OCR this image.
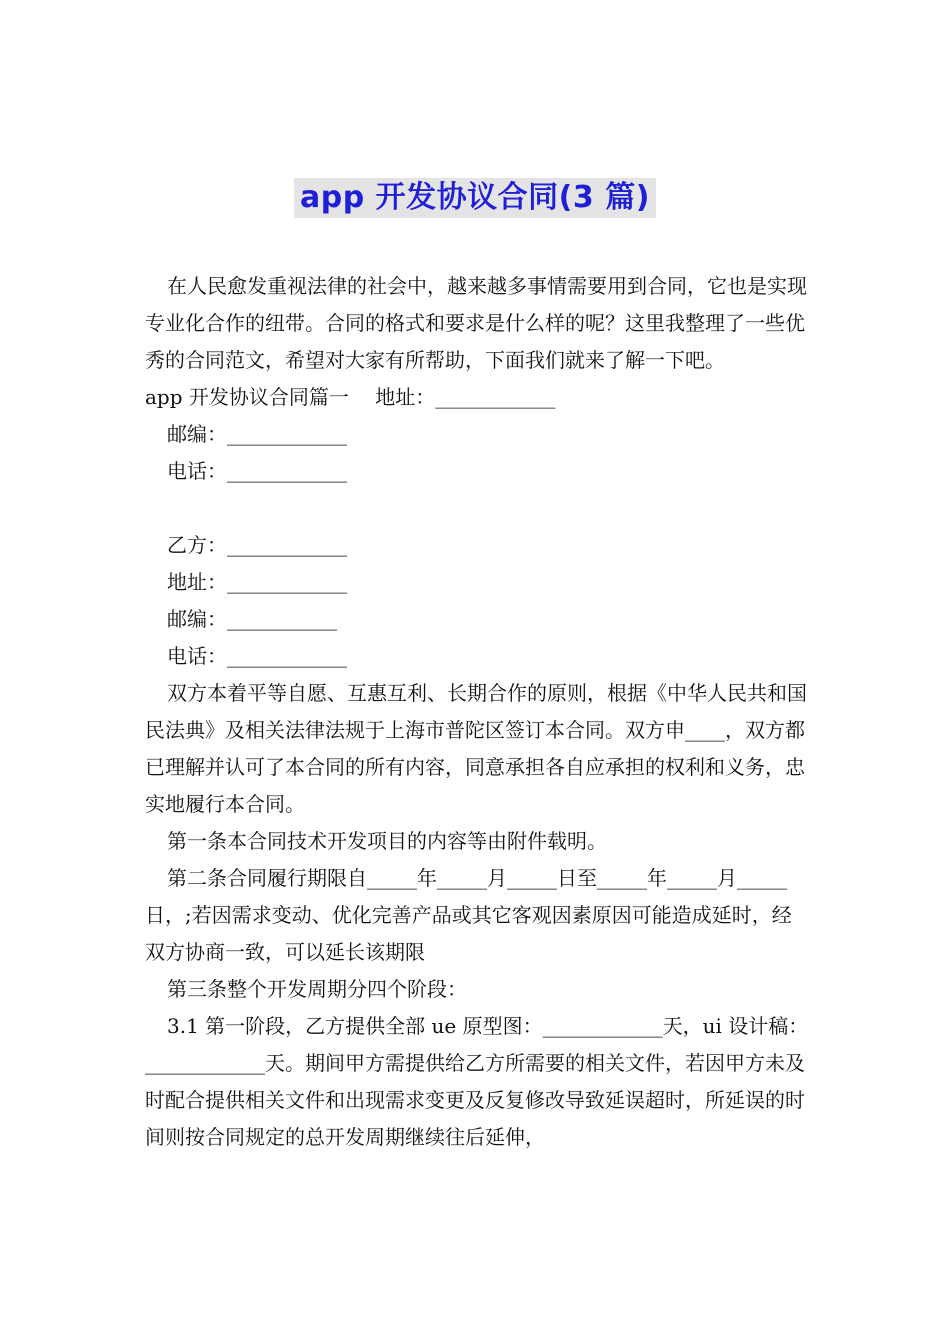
app 开发协议合同(3 篇)

在人民愈发重视法律的社会中，越来越多事情需要用到合同，它也是实现专业化合作的纽带。合同的格式和要求是什么样的呢？这里我整理了一些优秀的合同范文，希望对大家有所帮助，下面我们就来了解一下吧。

app 开发协议合同篇一　 地址：____________

邮编：____________

电话：____________

乙方：____________

地址：____________

邮编：___________

电话：____________

双方本着平等自愿、互惠互利、长期合作的原则，根据《中华人民共和国民法典》及相关法律法规于上海市普陀区签订本合同。双方申____，双方都已理解并认可了本合同的所有内容，同意承担各自应承担的权利和义务，忠实地履行本合同。

第一条本合同技术开发项目的内容等由附件载明。

第二条合同履行期限自_____年_____月_____日至_____年_____月_____日，;若因需求变动、优化完善产品或其它客观因素原因可能造成延时，经双方协商一致，可以延长该期限

第三条整个开发周期分四个阶段：

3.1 第一阶段，乙方提供全部 ue 原型图：____________天，ui 设计稿：____________天。期间甲方需提供给乙方所需要的相关文件，若因甲方未及时配合提供相关文件和出现需求变更及反复修改导致延误超时，所延误的时间则按合同规定的总开发周期继续往后延伸，
